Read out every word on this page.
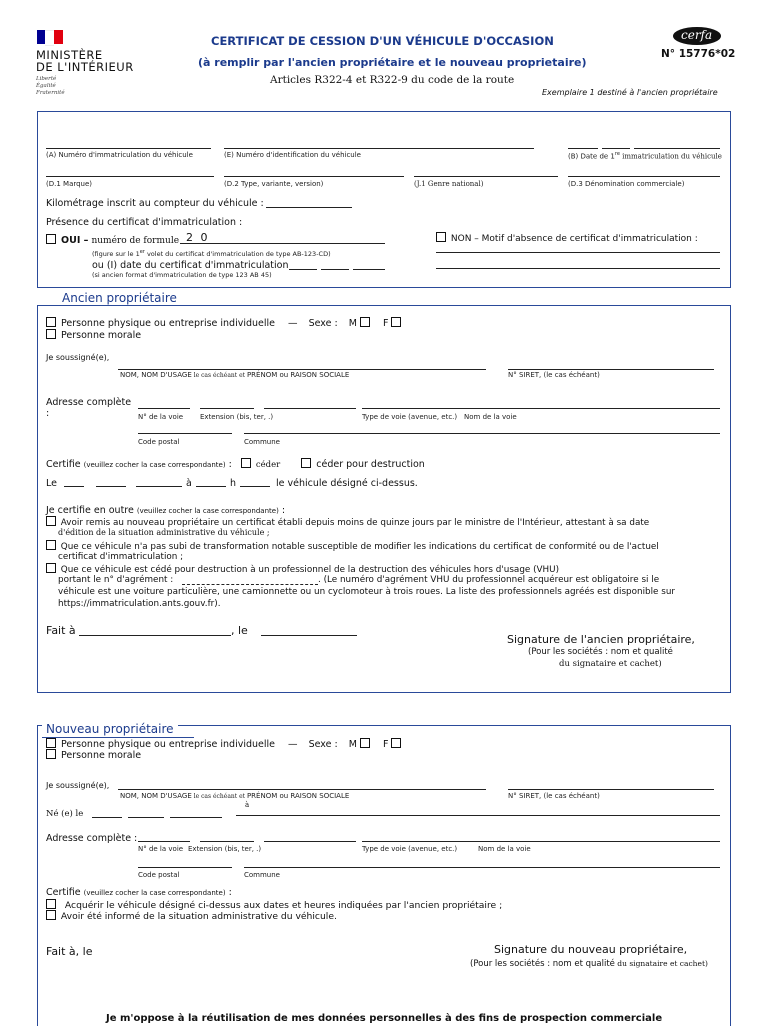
MINISTÈRE
DE L'INTÉRIEUR
Liberté
Égalité
Fraternité
CERTIFICAT DE CESSION D'UN VÉHICULE D'OCCASION
(à remplir par l'ancien propriétaire et le nouveau proprietaire)
Articles R322-4 et R322-9 du code de la route
cerfa
N° 15776*02
Exemplaire 1 destiné à l'ancien propriétaire
(A) Numéro d'immatriculation du véhicule	(E) Numéro d'identification du véhicule	(B) Date de 1re immatriculation du véhicule
(D.1 Marque)	(D.2 Type, variante, version)	(J.1 Genre national)	(D.3 Dénomination commerciale)
Kilométrage inscrit au compteur du véhicule :
Présence du certificat d'immatriculation :
OUI – numéro de formule 2 0
(figure sur le 1er volet du certificat d'immatriculation de type AB-123-CD)
ou (I) date du certificat d'immatriculation
(si ancien format d'immatriculation de type 123 AB 45)
NON – Motif d'absence de certificat d'immatriculation :
Ancien propriétaire
Personne physique ou entreprise individuelle — Sexe : M	F
Personne morale
Je soussigné(e),
NOM, NOM D'USAGE le cas échéant et PRÉNOM ou RAISON SOCIALE	N° SIRET, (le cas échéant)
Adresse complète
:	N° de la voie Extension (bis, ter, .)	Type de voie (avenue, etc.) Nom de la voie
Code postal	Commune
Certifie (veuillez cocher la case correspondante) :	céder	céder pour destruction
Le	à	h	le véhicule désigné ci-dessus.
Je certifie en outre (veuillez cocher la case correspondante) :
Avoir remis au nouveau propriétaire un certificat établi depuis moins de quinze jours par le ministre de l'Intérieur, attestant à sa date
d'édition de la situation administrative du véhicule ;
Que ce véhicule n'a pas subi de transformation notable susceptible de modifier les indications du certificat de conformité ou de l'actuel
certificat d'immatriculation ;
Que ce véhicule est cédé pour destruction à un professionnel de la destruction des véhicules hors d'usage (VHU)
portant le n° d'agrément :	. (Le numéro d'agrément VHU du professionnel acquéreur est obligatoire si le
véhicule est une voiture particulière, une camionnette ou un cyclomoteur à trois roues. La liste des professionnels agréés est disponible sur
https://immatriculation.ants.gouv.fr).
Fait à	, le
Signature de l'ancien propriétaire,
(Pour les sociétés : nom et qualité
du signataire et cachet)
Nouveau propriétaire
Personne physique ou entreprise individuelle — Sexe : M	F
Personne morale
Je soussigné(e),
NOM, NOM D'USAGE le cas échéant et PRÉNOM ou RAISON SOCIALE	N° SIRET, (le cas échéant)
Né (e) le
à
Adresse complète :
N° de la voie Extension (bis, ter, .)	Type de voie (avenue, etc.)	Nom de la voie
Code postal	Commune
Certifie (veuillez cocher la case correspondante) :
Acquérir le véhicule désigné ci-dessus aux dates et heures indiquées par l'ancien propriétaire ;
Avoir été informé de la situation administrative du véhicule.
Fait à, le	Signature du nouveau propriétaire,
(Pour les sociétés : nom et qualité du signataire et cachet)
Je m'oppose à la réutilisation de mes données personnelles à des fins de prospection commerciale
